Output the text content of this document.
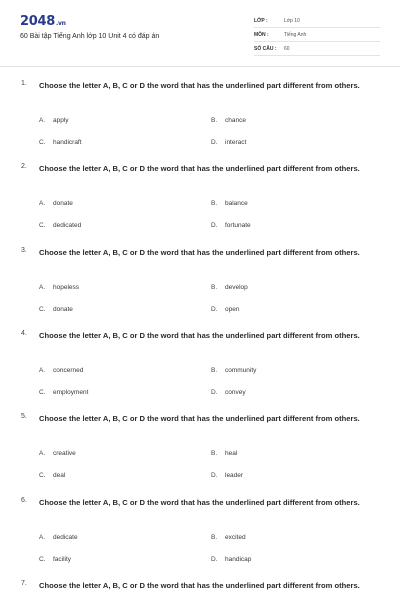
2048.vn
60 Bài tập Tiếng Anh lớp 10 Unit 4 có đáp án
LỚP :	Lớp 10
MÔN :	Tiếng Anh
SỐ CÂU :	60
1. Choose the letter A, B, C or D the word that has the underlined part different from others.
A. apply	B. chance
C. handicraft	D. interact
2. Choose the letter A, B, C or D the word that has the underlined part different from others.
A. donate	B. balance
C. dedicated	D. fortunate
3. Choose the letter A, B, C or D the word that has the underlined part different from others.
A. hopeless	B. develop
C. donate	D. open
4. Choose the letter A, B, C or D the word that has the underlined part different from others.
A. concerned	B. community
C. employment	D. convey
5. Choose the letter A, B, C or D the word that has the underlined part different from others.
A. creative	B. heal
C. deal	D. leader
6. Choose the letter A, B, C or D the word that has the underlined part different from others.
A. dedicate	B. excited
C. facility	D. handicap
7. Choose the letter A, B, C or D the word that has the underlined part different from others.
